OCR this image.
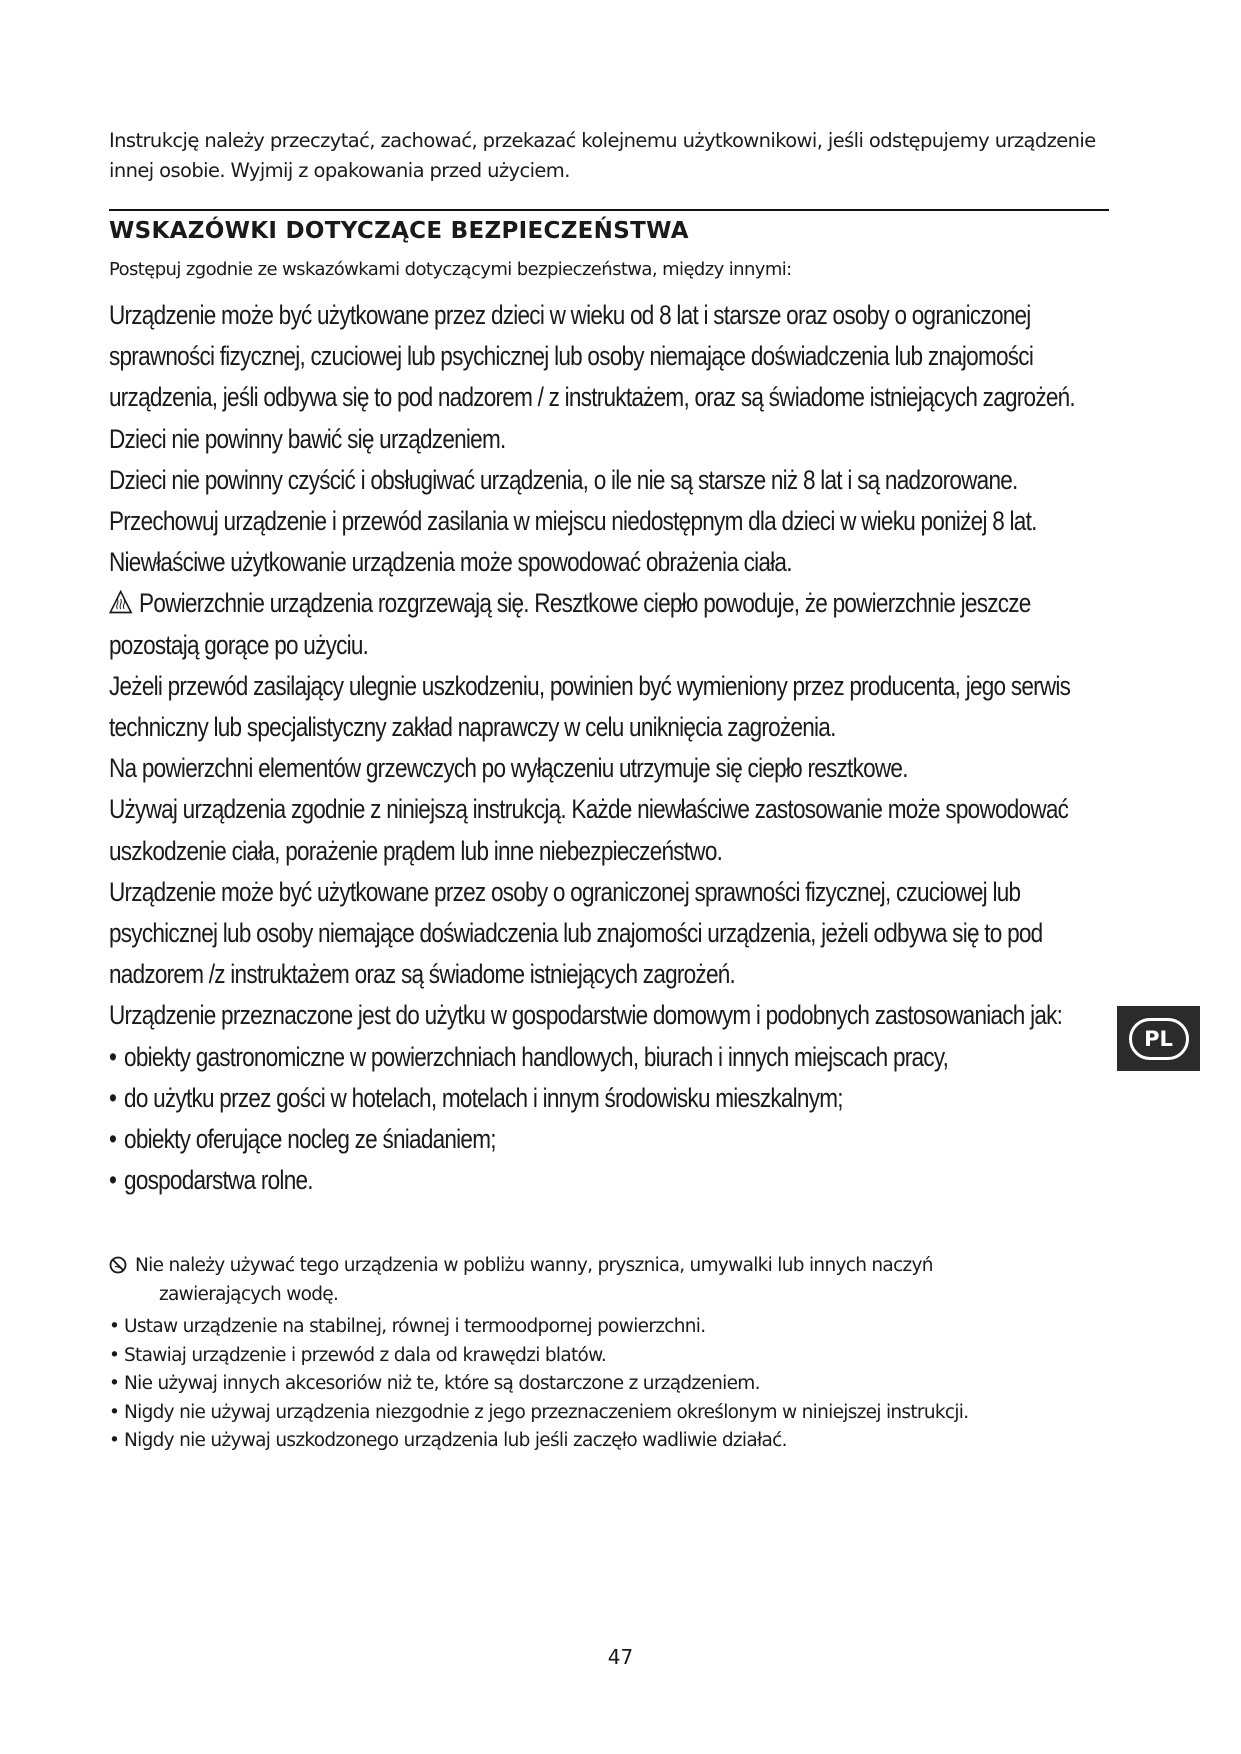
Instrukcję należy przeczytać, zachować, przekazać kolejnemu użytkownikowi, jeśli odstępujemy urządzenie innej osobie. Wyjmij z opakowania przed użyciem.

WSKAZÓWKI DOTYCZĄCE BEZPIECZEŃSTWA

Postępuj zgodnie ze wskazówkami dotyczącymi bezpieczeństwa, między innymi:

Urządzenie może być użytkowane przez dzieci w wieku od 8 lat i starsze oraz osoby o ograniczonej sprawności fizycznej, czuciowej lub psychicznej lub osoby niemające doświadczenia lub znajomości urządzenia, jeśli odbywa się to pod nadzorem / z instruktażem, oraz są świadome istniejących zagrożeń.

Dzieci nie powinny bawić się urządzeniem.

Dzieci nie powinny czyścić i obsługiwać urządzenia, o ile nie są starsze niż 8 lat i są nadzorowane.

Przechowuj urządzenie i przewód zasilania w miejscu niedostępnym dla dzieci w wieku poniżej 8 lat.

Niewłaściwe użytkowanie urządzenia może spowodować obrażenia ciała.

Powierzchnie urządzenia rozgrzewają się. Resztkowe ciepło powoduje, że powierzchnie jeszcze pozostają gorące po użyciu.

Jeżeli przewód zasilający ulegnie uszkodzeniu, powinien być wymieniony przez producenta, jego serwis techniczny lub specjalistyczny zakład naprawczy w celu uniknięcia zagrożenia.

Na powierzchni elementów grzewczych po wyłączeniu utrzymuje się ciepło resztkowe.

Używaj urządzenia zgodnie z niniejszą instrukcją. Każde niewłaściwe zastosowanie może spowodować uszkodzenie ciała, porażenie prądem lub inne niebezpieczeństwo.

Urządzenie może być użytkowane przez osoby o ograniczonej sprawności fizycznej, czuciowej lub psychicznej lub osoby niemające doświadczenia lub znajomości urządzenia, jeżeli odbywa się to pod nadzorem /z instruktażem oraz są świadome istniejących zagrożeń.

Urządzenie przeznaczone jest do użytku w gospodarstwie domowym i podobnych zastosowaniach jak:

• obiekty gastronomiczne w powierzchniach handlowych, biurach i innych miejscach pracy,
• do użytku przez gości w hotelach, motelach i innym środowisku mieszkalnym;
• obiekty oferujące nocleg ze śniadaniem;
• gospodarstwa rolne.

Nie należy używać tego urządzenia w pobliżu wanny, prysznica, umywalki lub innych naczyń

zawierających wodę.

• Ustaw urządzenie na stabilnej, równej i termoodpornej powierzchni.
• Stawiaj urządzenie i przewód z dala od krawędzi blatów.
• Nie używaj innych akcesoriów niż te, które są dostarczone z urządzeniem.
• Nigdy nie używaj urządzenia niezgodnie z jego przeznaczeniem określonym w niniejszej instrukcji.
• Nigdy nie używaj uszkodzonego urządzenia lub jeśli zaczęło wadliwie działać.
PL
47
